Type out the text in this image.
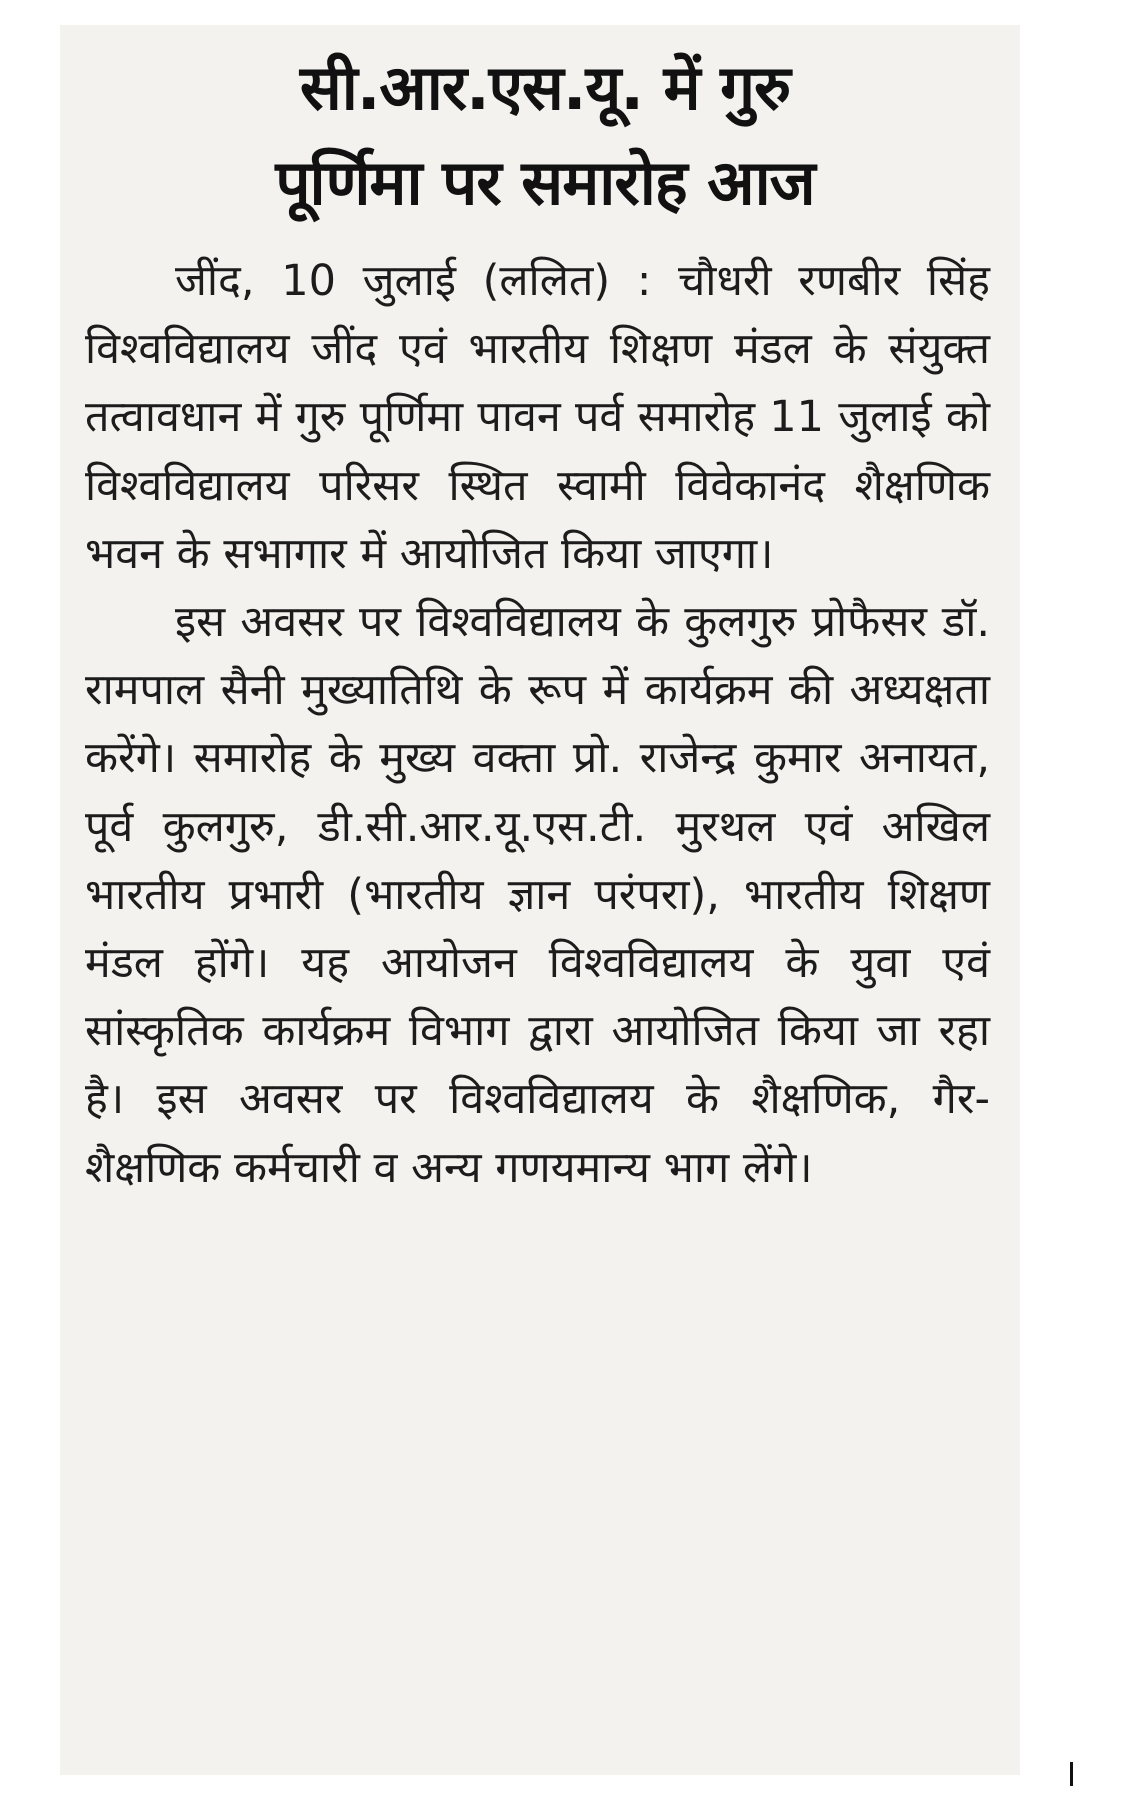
सी.आर.एस.यू. में गुरु
पूर्णिमा पर समारोह आज

जींद, 10 जुलाई (ललित) : चौधरी रणबीर सिंह विश्वविद्यालय जींद एवं भारतीय शिक्षण मंडल के संयुक्त तत्वावधान में गुरु पूर्णिमा पावन पर्व समारोह 11 जुलाई को विश्वविद्यालय परिसर स्थित स्वामी विवेकानंद शैक्षणिक भवन के सभागार में आयोजित किया जाएगा।

इस अवसर पर विश्वविद्यालय के कुलगुरु प्रोफैसर डॉ. रामपाल सैनी मुख्यातिथि के रूप में कार्यक्रम की अध्यक्षता करेंगे। समारोह के मुख्य वक्ता प्रो. राजेन्द्र कुमार अनायत, पूर्व कुलगुरु, डी.सी.आर.यू.एस.टी. मुरथल एवं अखिल भारतीय प्रभारी (भारतीय ज्ञान परंपरा), भारतीय शिक्षण मंडल होंगे। यह आयोजन विश्वविद्यालय के युवा एवं सांस्कृतिक कार्यक्रम विभाग द्वारा आयोजित किया जा रहा है। इस अवसर पर विश्वविद्यालय के शैक्षणिक, गैर-शैक्षणिक कर्मचारी व अन्य गणयमान्य भाग लेंगे।
